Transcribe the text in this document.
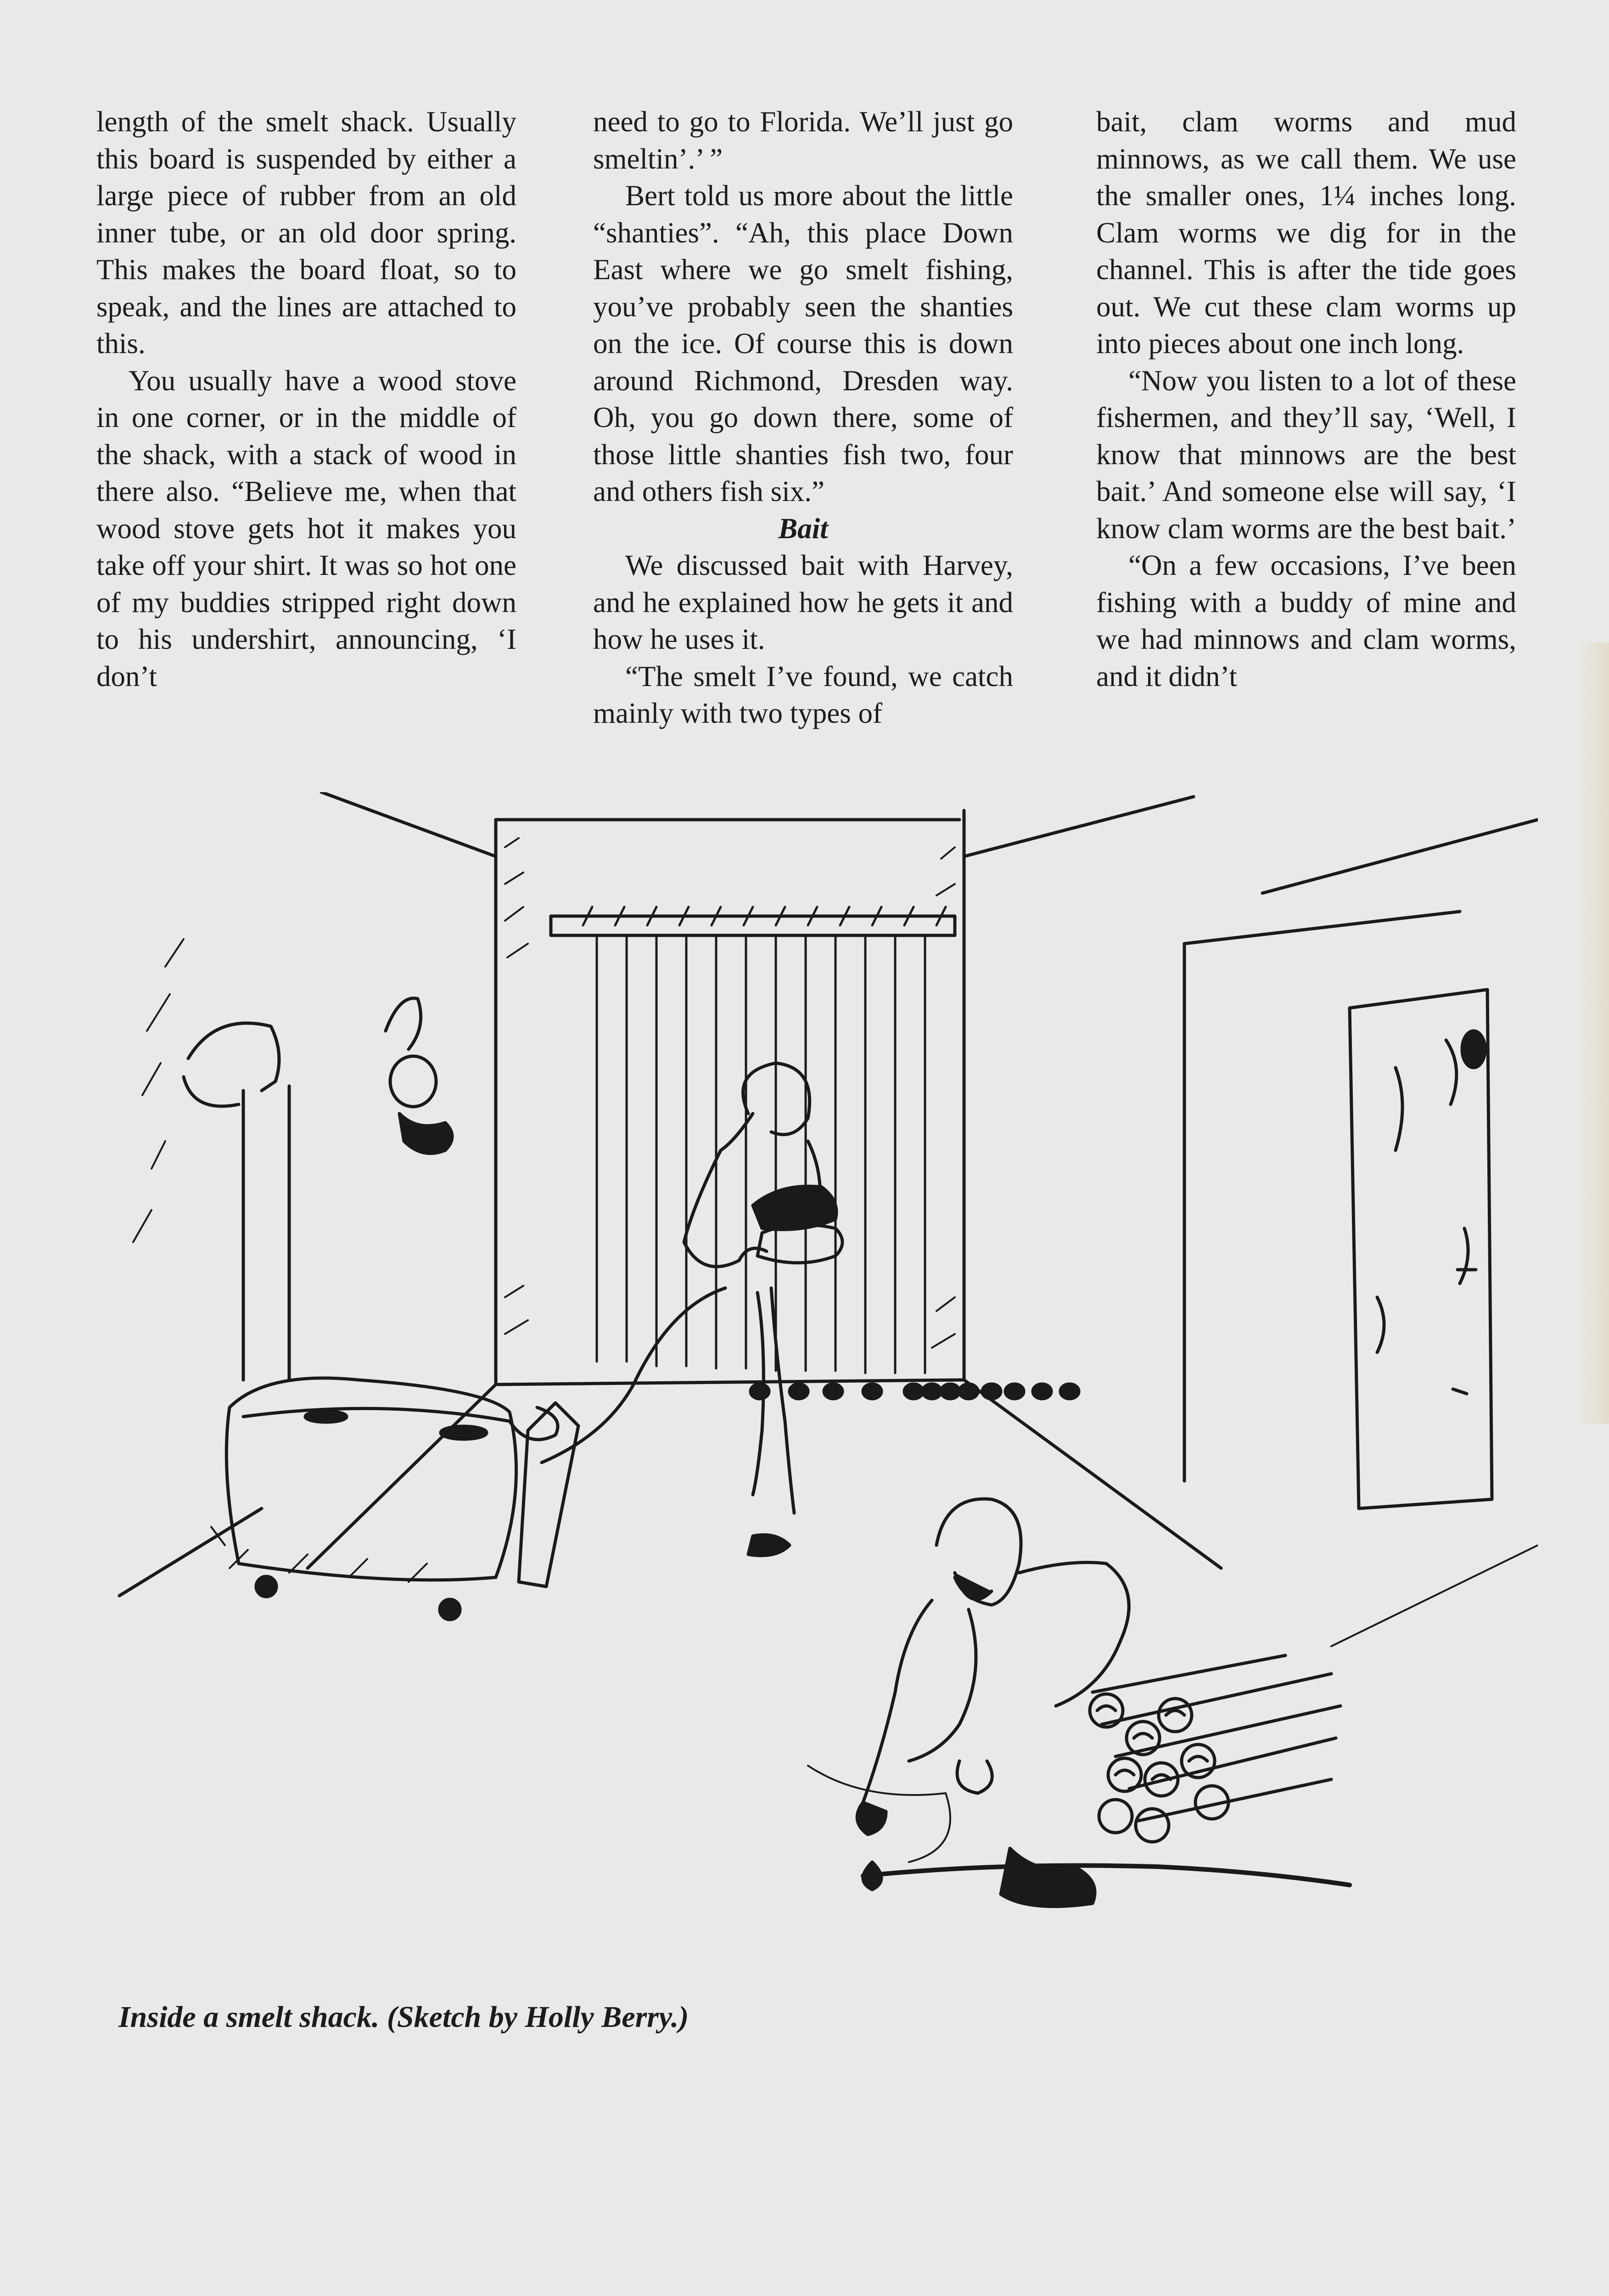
length of the smelt shack. Usually this board is suspended by either a large piece of rubber from an old inner tube, or an old door spring. This makes the board float, so to speak, and the lines are attached to this.

You usually have a wood stove in one corner, or in the middle of the shack, with a stack of wood in there also. “Believe me, when that wood stove gets hot it makes you take off your shirt. It was so hot one of my buddies stripped right down to his undershirt, announcing, ‘I don’t

need to go to Florida. We’ll just go smeltin’.’ ”

Bert told us more about the little “shanties”. “Ah, this place Down East where we go smelt fishing, you’ve probably seen the shanties on the ice. Of course this is down around Richmond, Dresden way. Oh, you go down there, some of those little shanties fish two, four and others fish six.”

Bait

We discussed bait with Harvey, and he explained how he gets it and how he uses it.

“The smelt I’ve found, we catch mainly with two types of

bait, clam worms and mud minnows, as we call them. We use the smaller ones, 1¼ inches long. Clam worms we dig for in the channel. This is after the tide goes out. We cut these clam worms up into pieces about one inch long.

“Now you listen to a lot of these fishermen, and they’ll say, ‘Well, I know that minnows are the best bait.’ And someone else will say, ‘I know clam worms are the best bait.’

“On a few occasions, I’ve been fishing with a buddy of mine and we had minnows and clam worms, and it didn’t

Inside a smelt shack. (Sketch by Holly Berry.)
